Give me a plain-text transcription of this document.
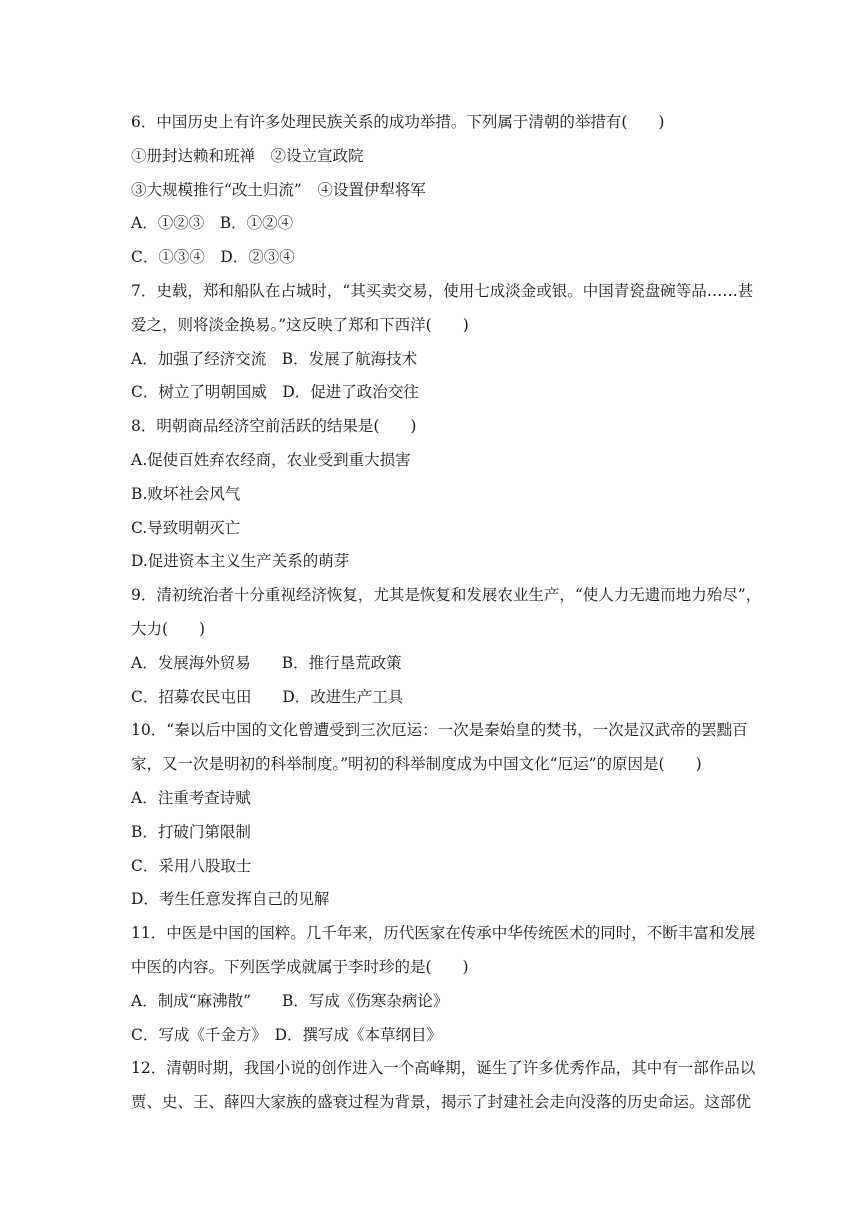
6．中国历史上有许多处理民族关系的成功举措。下列属于清朝的举措有(　　)
①册封达赖和班禅　②设立宣政院
③大规模推行“改土归流”　④设置伊犁将军
A．①②③　B．①②④
C．①③④　D．②③④
7．史载，郑和船队在占城时，“其买卖交易，使用七成淡金或银。中国青瓷盘碗等品……甚
爱之，则将淡金换易。”这反映了郑和下西洋(　　)
A．加强了经济交流　B．发展了航海技术
C．树立了明朝国威　D．促进了政治交往
8．明朝商品经济空前活跃的结果是(　　)
A.促使百姓弃农经商，农业受到重大损害
B.败坏社会风气
C.导致明朝灭亡
D.促进资本主义生产关系的萌芽
9．清初统治者十分重视经济恢复，尤其是恢复和发展农业生产，“使人力无遗而地力殆尽”，
大力(　　)
A．发展海外贸易　　B．推行垦荒政策
C．招募农民屯田　　D．改进生产工具
10．“秦以后中国的文化曾遭受到三次厄运：一次是秦始皇的焚书，一次是汉武帝的罢黜百
家，又一次是明初的科举制度。”明初的科举制度成为中国文化“厄运”的原因是(　　)
A．注重考查诗赋
B．打破门第限制
C．采用八股取士
D．考生任意发挥自己的见解
11．中医是中国的国粹。几千年来，历代医家在传承中华传统医术的同时，不断丰富和发展
中医的内容。下列医学成就属于李时珍的是(　　)
A．制成“麻沸散”　　B．写成《伤寒杂病论》
C．写成《千金方》　D．撰写成《本草纲目》
12．清朝时期，我国小说的创作进入一个高峰期，诞生了许多优秀作品，其中有一部作品以
贾、史、王、薛四大家族的盛衰过程为背景，揭示了封建社会走向没落的历史命运。这部优
